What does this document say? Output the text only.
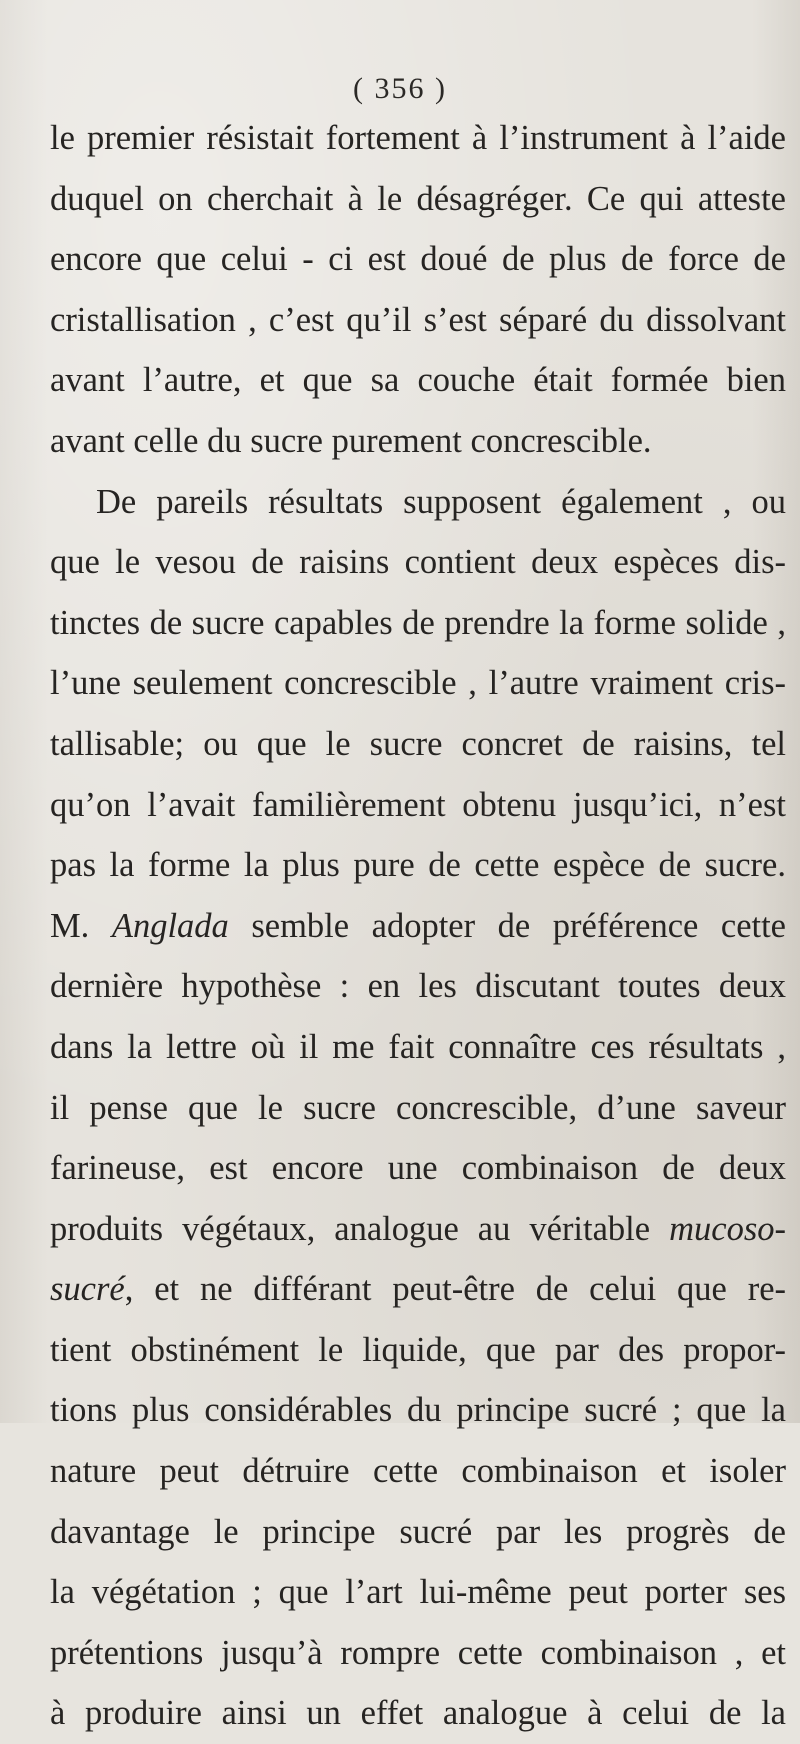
( 356 )
le premier résistait fortement à l’instrument à l’aide
duquel on cherchait à le désagréger. Ce qui atteste
encore que celui - ci est doué de plus de force de
cristallisation , c’est qu’il s’est séparé du dissolvant
avant l’autre, et que sa couche était formée bien
avant celle du sucre purement concrescible.
De pareils résultats supposent également , ou
que le vesou de raisins contient deux espèces dis-
tinctes de sucre capables de prendre la forme solide ,
l’une seulement concrescible , l’autre vraiment cris-
tallisable; ou que le sucre concret de raisins, tel
qu’on l’avait familièrement obtenu jusqu’ici, n’est
pas la forme la plus pure de cette espèce de sucre.
M. Anglada semble adopter de préférence cette
dernière hypothèse : en les discutant toutes deux
dans la lettre où il me fait connaître ces résultats ,
il pense que le sucre concrescible, d’une saveur
farineuse, est encore une combinaison de deux
produits végétaux, analogue au véritable mucoso-
sucré, et ne différant peut-être de celui que re-
tient obstinément le liquide, que par des propor-
tions plus considérables du principe sucré ; que la
nature peut détruire cette combinaison et isoler
davantage le principe sucré par les progrès de
la végétation ; que l’art lui-même peut porter ses
prétentions jusqu’à rompre cette combinaison , et
à produire ainsi un effet analogue à celui de la
